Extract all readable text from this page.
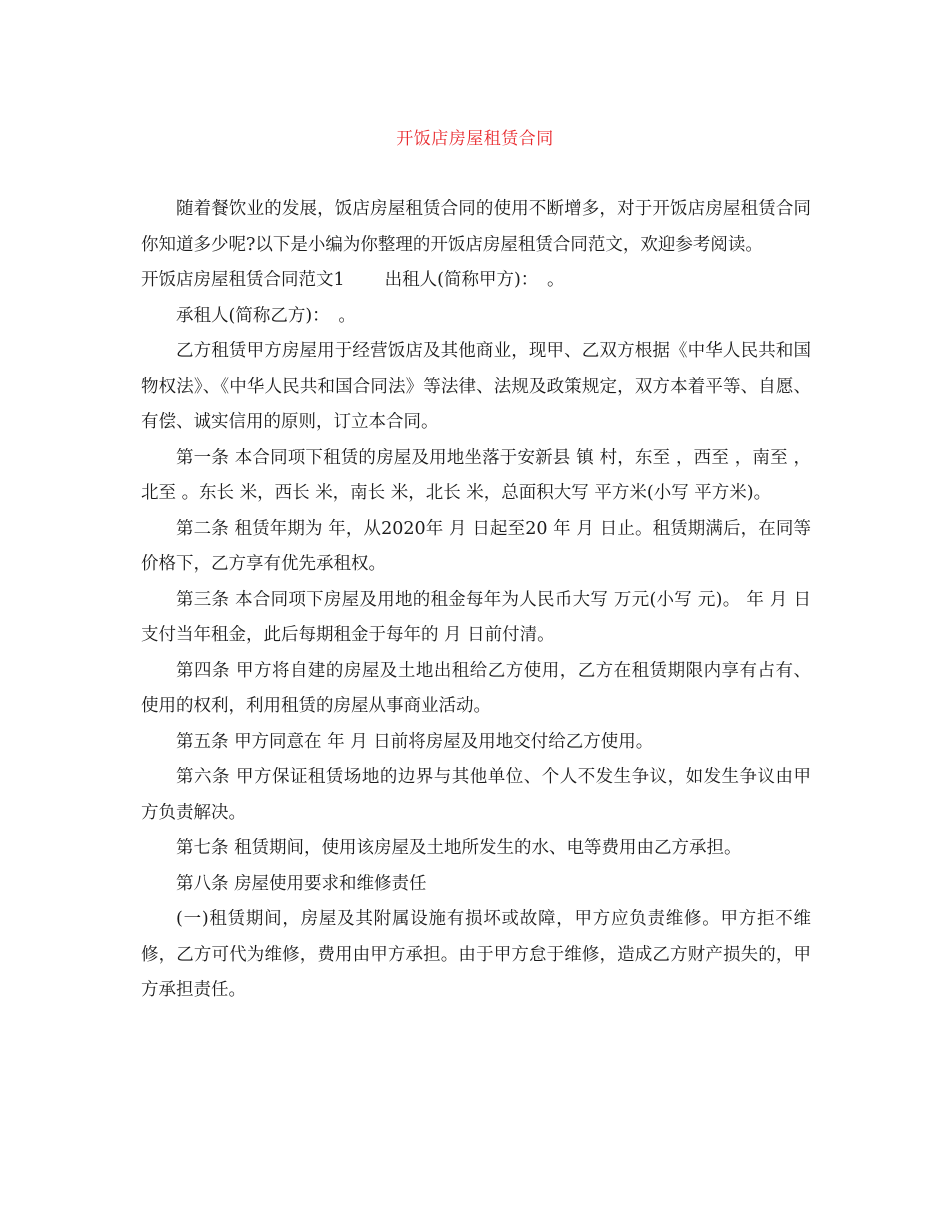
开饭店房屋租赁合同

随着餐饮业的发展，饭店房屋租赁合同的使用不断增多，对于开饭店房屋租赁合同你知道多少呢?以下是小编为你整理的开饭店房屋租赁合同范文，欢迎参考阅读。

开饭店房屋租赁合同范文1 出租人(简称甲方)：　。

承租人(简称乙方)：　。

乙方租赁甲方房屋用于经营饭店及其他商业，现甲、乙双方根据《中华人民共和国物权法》、《中华人民共和国合同法》等法律、法规及政策规定，双方本着平等、自愿、有偿、诚实信用的原则，订立本合同。

第一条 本合同项下租赁的房屋及用地坐落于安新县 镇 村，东至 ，西至 ，南至 ，北至 。东长 米，西长 米，南长 米，北长 米，总面积大写 平方米(小写 平方米)。

第二条 租赁年期为 年，从2020年 月 日起至20 年 月 日止。租赁期满后，在同等价格下，乙方享有优先承租权。

第三条 本合同项下房屋及用地的租金每年为人民币大写 万元(小写 元)。 年 月 日支付当年租金，此后每期租金于每年的 月 日前付清。

第四条 甲方将自建的房屋及土地出租给乙方使用，乙方在租赁期限内享有占有、使用的权利，利用租赁的房屋从事商业活动。

第五条 甲方同意在 年 月 日前将房屋及用地交付给乙方使用。

第六条 甲方保证租赁场地的边界与其他单位、个人不发生争议，如发生争议由甲方负责解决。

第七条 租赁期间，使用该房屋及土地所发生的水、电等费用由乙方承担。

第八条 房屋使用要求和维修责任

(一)租赁期间，房屋及其附属设施有损坏或故障，甲方应负责维修。甲方拒不维修，乙方可代为维修，费用由甲方承担。由于甲方怠于维修，造成乙方财产损失的，甲方承担责任。
